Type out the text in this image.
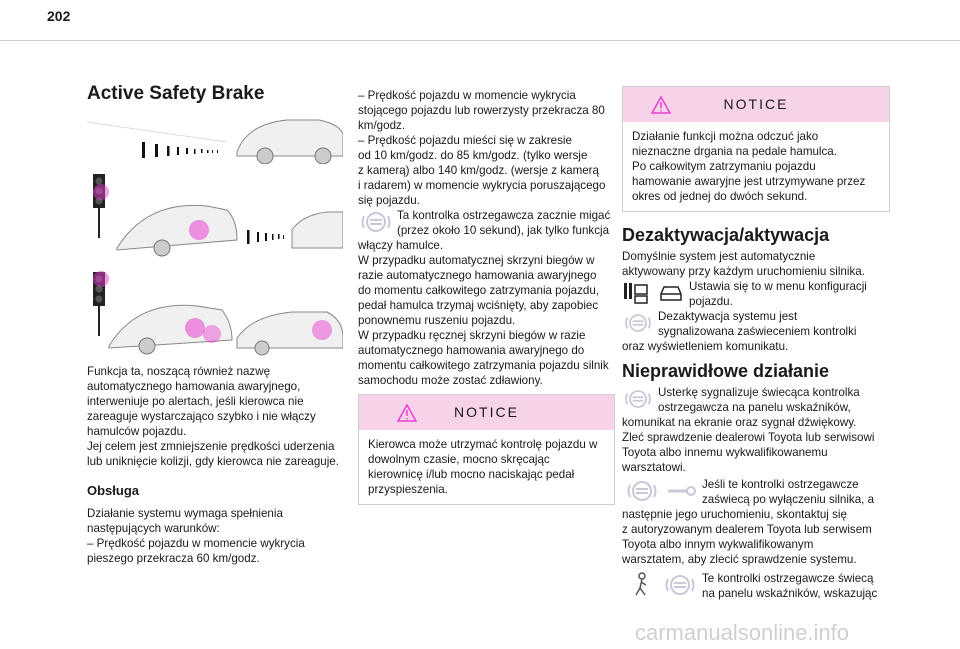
202
Active Safety Brake

Funkcja ta, noszącą również nazwę
automatycznego hamowania awaryjnego,
interweniuje po alertach, jeśli kierowca nie
zareaguje wystarczająco szybko i nie włączy
hamulców pojazdu.
Jej celem jest zmniejszenie prędkości uderzenia
lub uniknięcie kolizji, gdy kierowca nie zareaguje.

Obsługa

Działanie systemu wymaga spełnienia
następujących warunków:
– Prędkość pojazdu w momencie wykrycia
pieszego przekracza 60 km/godz.

– Prędkość pojazdu w momencie wykrycia
stojącego pojazdu lub rowerzysty przekracza 80
km/godz.
– Prędkość pojazdu mieści się w zakresie
od 10 km/godz. do 85 km/godz. (tylko wersje
z kamerą) albo 140 km/godz. (wersje z kamerą
i radarem) w momencie wykrycia poruszającego
się pojazdu.

Ta kontrolka ostrzegawcza zacznie migać
(przez około 10 sekund), jak tylko funkcja

włączy hamulce.
W przypadku automatycznej skrzyni biegów w
razie automatycznego hamowania awaryjnego
do momentu całkowitego zatrzymania pojazdu,
pedał hamulca trzymaj wciśnięty, aby zapobiec
ponownemu ruszeniu pojazdu.
W przypadku ręcznej skrzyni biegów w razie
automatycznego hamowania awaryjnego do
momentu całkowitego zatrzymania pojazdu silnik
samochodu może zostać zdławiony.

NOTICE
Kierowca może utrzymać kontrolę pojazdu w
dowolnym czasie, mocno skręcając
kierownicę i/lub mocno naciskając pedał
przyspieszenia.
NOTICE
Działanie funkcji można odczuć jako
nieznaczne drgania na pedale hamulca.
Po całkowitym zatrzymaniu pojazdu
hamowanie awaryjne jest utrzymywane przez
okres od jednej do dwóch sekund.
Dezaktywacja/aktywacja

Domyślnie system jest automatycznie
aktywowany przy każdym uruchomieniu silnika.

Ustawia się to w menu konfiguracji
pojazdu.

Dezaktywacja systemu jest
sygnalizowana zaświeceniem kontrolki

oraz wyświetleniem komunikatu.

Nieprawidłowe działanie

Usterkę sygnalizuje świecąca kontrolka
ostrzegawcza na panelu wskaźników,

komunikat na ekranie oraz sygnał dźwiękowy.
Zleć sprawdzenie dealerowi Toyota lub serwisowi
Toyota albo innemu wykwalifikowanemu
warsztatowi.

Jeśli te kontrolki ostrzegawcze
zaświecą po wyłączeniu silnika, a

następnie jego uruchomieniu, skontaktuj się
z autoryzowanym dealerem Toyota lub serwisem
Toyota albo innym wykwalifikowanym
warsztatem, aby zlecić sprawdzenie systemu.

Te kontrolki ostrzegawcze świecą
na panelu wskaźników, wskazując

carmanualsonline.info
